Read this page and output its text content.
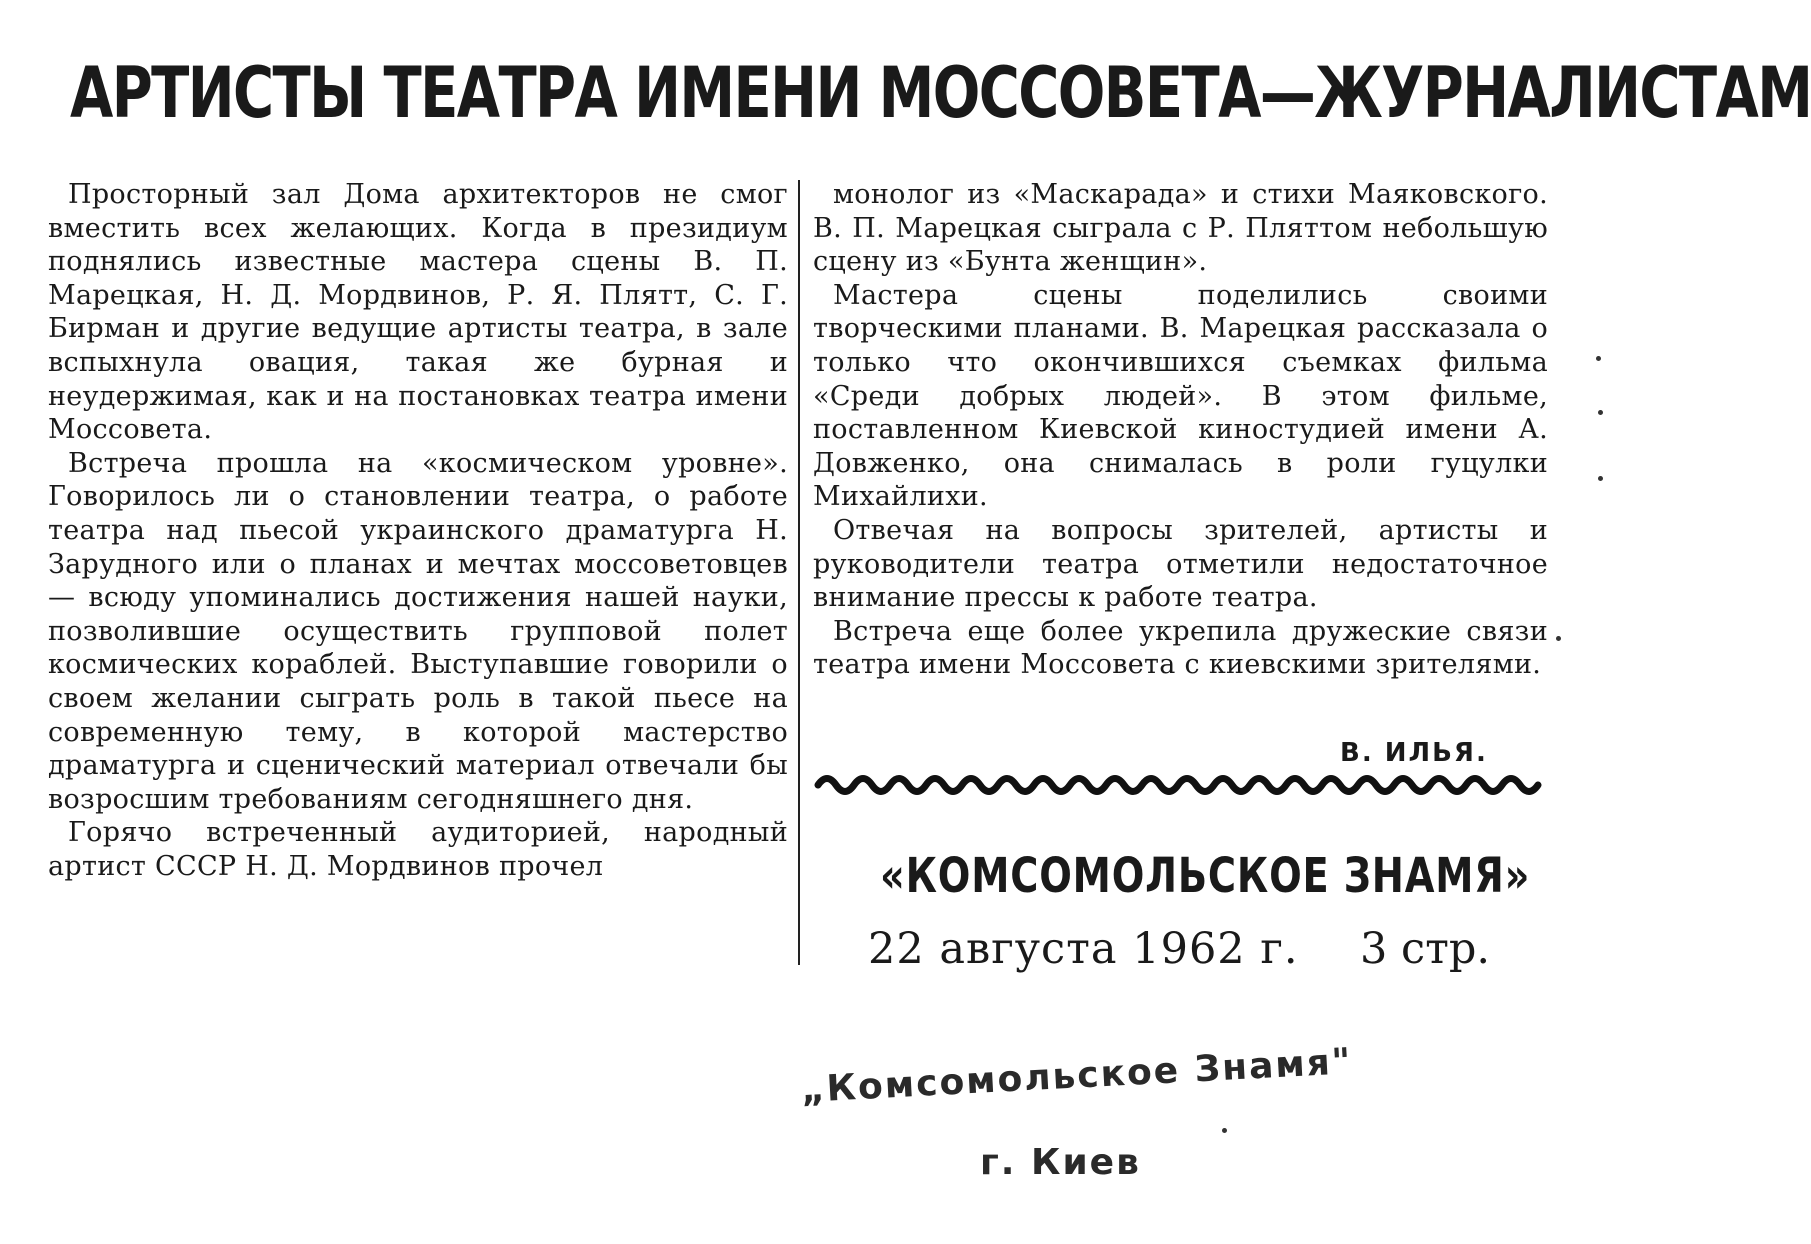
АРТИСТЫ ТЕАТРА ИМЕНИ МОССОВЕТА—ЖУРНАЛИСТАМ

Просторный зал Дома архитекторов не смог вместить всех желающих. Когда в президиум поднялись известные мастера сцены В. П. Марецкая, Н. Д. Мордвинов, Р. Я. Плятт, С. Г. Бирман и другие ведущие артисты театра, в зале вспыхнула овация, такая же бурная и неудержимая, как и на постановках театра имени Моссовета.

Встреча прошла на «космическом уровне». Говорилось ли о становлении театра, о работе театра над пьесой украинского драматурга Н. Зарудного или о планах и мечтах моссоветовцев — всюду упоминались достижения нашей науки, позволившие осуществить групповой полет космических кораблей. Выступавшие говорили о своем желании сыграть роль в такой пьесе на современную тему, в которой мастерство драматурга и сценический материал отвечали бы возросшим требованиям сегодняшнего дня.

Горячо встреченный аудиторией, народный артист СССР Н. Д. Мордвинов прочел

монолог из «Маскарада» и стихи Маяковского. В. П. Марецкая сыграла с Р. Пляттом небольшую сцену из «Бунта женщин».

Мастера сцены поделились своими творческими планами. В. Марецкая рассказала о только что окончившихся съемках фильма «Среди добрых людей». В этом фильме, поставленном Киевской киностудией имени А. Довженко, она снималась в роли гуцулки Михайлихи.

Отвечая на вопросы зрителей, артисты и руководители театра отметили недостаточное внимание прессы к работе театра.

Встреча еще более укрепила дружеские связи театра имени Моссовета с киевскими зрителями.

В. ИЛЬЯ.
«КОМСОМОЛЬСКОЕ ЗНАМЯ»
22 августа 1962 г. 3 стр.
„Комсомольское Знамя"
г. Киев
